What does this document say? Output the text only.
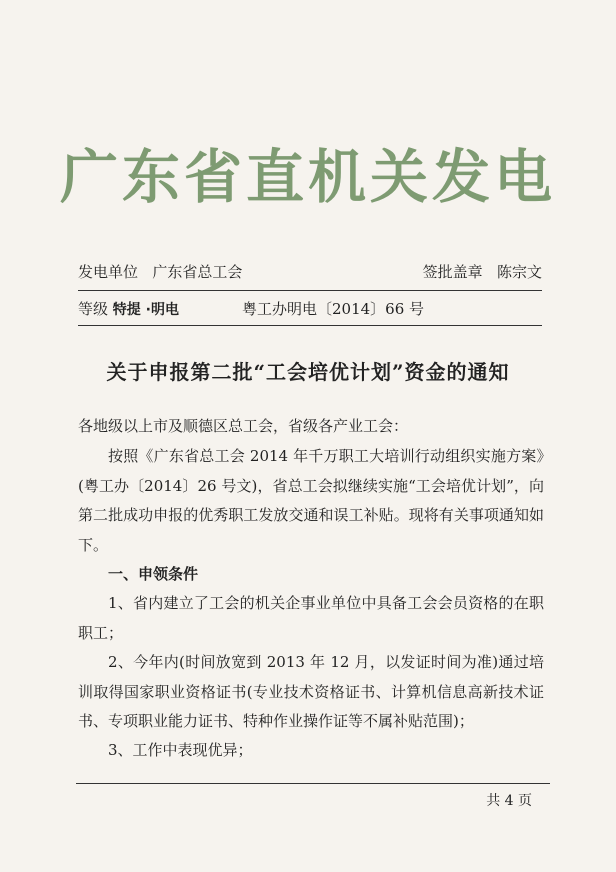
广东省直机关发电
发电单位 广东省总工会	签批盖章 陈宗文
等级 特提 ·明电	粤工办明电〔2014〕66 号
关于申报第二批“工会培优计划”资金的通知
各地级以上市及顺德区总工会，省级各产业工会：
按照《广东省总工会 2014 年千万职工大培训行动组织实施方案》(粤工办〔2014〕26 号文)，省总工会拟继续实施“工会培优计划”，向第二批成功申报的优秀职工发放交通和误工补贴。现将有关事项通知如下。
一、申领条件
1、省内建立了工会的机关企事业单位中具备工会会员资格的在职职工；
2、今年内(时间放宽到 2013 年 12 月，以发证时间为准)通过培训取得国家职业资格证书(专业技术资格证书、计算机信息高新技术证书、专项职业能力证书、特种作业操作证等不属补贴范围)；
3、工作中表现优异；
共 4 页
